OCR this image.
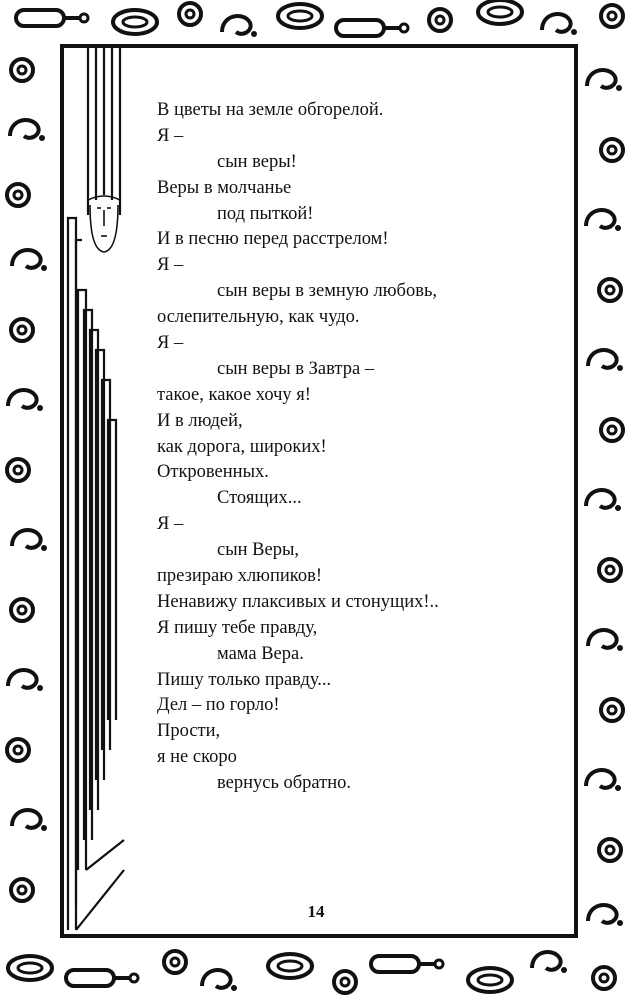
В цветы на земле обгорелой.
Я –
сын веры!
Веры в молчанье
под пыткой!
И в песню перед расстрелом!
Я –
сын веры в земную любовь,
ослепительную, как чудо.
Я –
сын веры в Завтра –
такое, какое хочу я!
И в людей,
как дорога, широких!
Откровенных.
Стоящих...
Я –
сын Веры,
презираю хлюпиков!
Ненавижу плаксивых и стонущих!..
Я пишу тебе правду,
мама Вера.
Пишу только правду...
Дел – по горло!
Прости,
я не скоро
вернусь обратно.
14
